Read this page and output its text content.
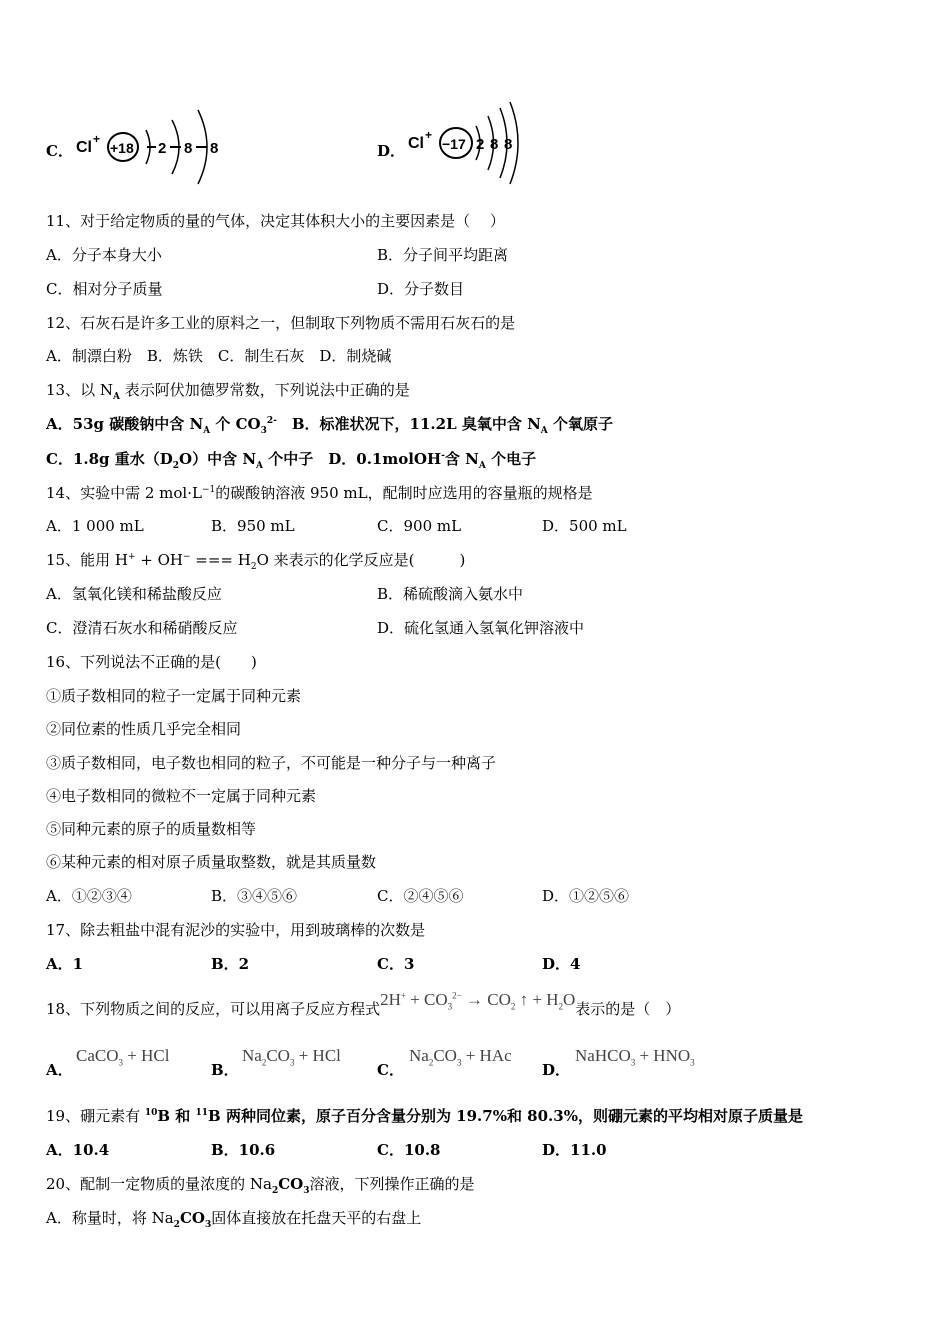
C． Cl +
+18 2 8 8	D． Cl +
−17 2 8 8
11、对于给定物质的量的气体，决定其体积大小的主要因素是（　 ）
A．分子本身大小	B．分子间平均距离
C．相对分子质量	D．分子数目
12、石灰石是许多工业的原料之一，但制取下列物质不需用石灰石的是
A．制漂白粉　B．炼铁　C．制生石灰　D．制烧碱
13、以 $N_A$ 表示阿伏加德罗常数，下列说法中正确的是
A．53g 碳酸钠中含 $N_A$ 个 $CO_3^{2-}$　B．标准状况下，11.2L 臭氧中含 $N_A$ 个氧原子
C．1.8g 重水$(D_2O)$中含 $N_A$ 个中子　D．0.1molOH-含 $N_A$ 个电子
14、实验中需 2 $mol\cdot L^{-1}$的碳酸钠溶液 950 mL，配制时应选用的容量瓶的规格是
A．1 000 mL	B．950 mL	C．900 mL	D．500 mL
15、能用 H+ + OH− === $H_2O$ 来表示的化学反应是(　　　)
A．氢氧化镁和稀盐酸反应	B．稀硫酸滴入氨水中
C．澄清石灰水和稀硝酸反应	D．硫化氢通入氢氧化钾溶液中
16、下列说法不正确的是(　　)
①质子数相同的粒子一定属于同种元素
②同位素的性质几乎完全相同
③质子数相同，电子数也相同的粒子，不可能是一种分子与一种离子
④电子数相同的微粒不一定属于同种元素
⑤同种元素的原子的质量数相等
⑥某种元素的相对原子质量取整数，就是其质量数
A．①②③④	B．③④⑤⑥	C．②④⑤⑥	D．①②⑤⑥
17、除去粗盐中混有泥沙的实验中，用到玻璃棒的次数是
A．1	B．2	C．3	D．4
18、下列物质之间的反应，可以用离子反应方程式$2H^+ + CO_3^{2-} \to CO_2$ ↑ + $H_2O$表示的是（　）
A．
CaCO$_3$ + HCl
B．
$Na_2CO_3$ + HCl
C．
$Na_2CO_3$ + HAc
D．
NaHCO$_3$ + $HNO_3$
19、硼元素有 $^{10}$B 和 $^{11}$B 两种同位素，原子百分含量分别为 19.7%和 80.3%，则硼元素的平均相对原子质量是
A．10.4	B．10.6	C．10.8	D．11.0
20、配制一定物质的量浓度的 $Na_2CO_3$溶液，下列操作正确的是
A．称量时，将 $Na_2CO_3$固体直接放在托盘天平的右盘上
